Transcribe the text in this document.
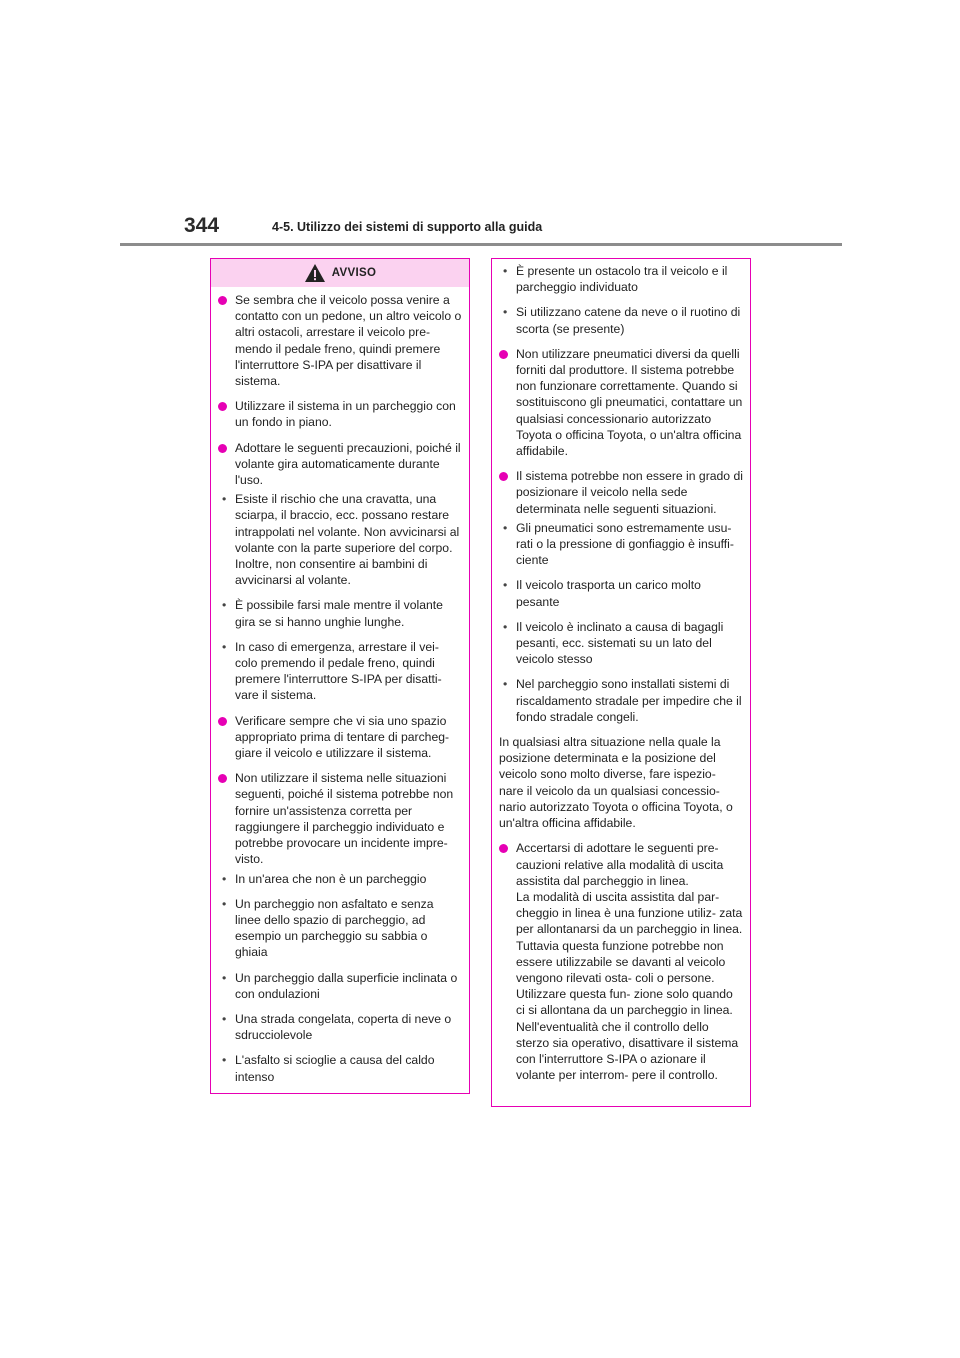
344	4-5. Utilizzo dei sistemi di supporto alla guida
AVVISO
Se sembra che il veicolo possa venire a contatto con un pedone, un altro veicolo o altri ostacoli, arrestare il veicolo pre- mendo il pedale freno, quindi premere l'interruttore S-IPA per disattivare il sistema.
Utilizzare il sistema in un parcheggio con un fondo in piano.
Adottare le seguenti precauzioni, poiché il volante gira automaticamente durante l'uso.
• Esiste il rischio che una cravatta, una sciarpa, il braccio, ecc. possano restare intrappolati nel volante. Non avvicinarsi al volante con la parte superiore del corpo. Inoltre, non consentire ai bambini di avvicinarsi al volante.
• È possibile farsi male mentre il volante gira se si hanno unghie lunghe.
• In caso di emergenza, arrestare il vei- colo premendo il pedale freno, quindi premere l'interruttore S-IPA per disatti- vare il sistema.
Verificare sempre che vi sia uno spazio appropriato prima di tentare di parcheg- giare il veicolo e utilizzare il sistema.
Non utilizzare il sistema nelle situazioni seguenti, poiché il sistema potrebbe non fornire un'assistenza corretta per raggiungere il parcheggio individuato e potrebbe provocare un incidente impre- visto.
• In un'area che non è un parcheggio
• Un parcheggio non asfaltato e senza linee dello spazio di parcheggio, ad esempio un parcheggio su sabbia o ghiaia
• Un parcheggio dalla superficie inclinata o con ondulazioni
• Una strada congelata, coperta di neve o sdrucciolevole
• L'asfalto si scioglie a causa del caldo intenso
• È presente un ostacolo tra il veicolo e il parcheggio individuato
• Si utilizzano catene da neve o il ruotino di scorta (se presente)
Non utilizzare pneumatici diversi da quelli forniti dal produttore. Il sistema potrebbe non funzionare correttamente. Quando si sostituiscono gli pneumatici, contattare un qualsiasi concessionario autorizzato Toyota o officina Toyota, o un'altra officina affidabile.
Il sistema potrebbe non essere in grado di posizionare il veicolo nella sede determinata nelle seguenti situazioni.
• Gli pneumatici sono estremamente usu- rati o la pressione di gonfiaggio è insuffi- ciente
• Il veicolo trasporta un carico molto pesante
• Il veicolo è inclinato a causa di bagagli pesanti, ecc. sistemati su un lato del veicolo stesso
• Nel parcheggio sono installati sistemi di riscaldamento stradale per impedire che il fondo stradale congeli.

In qualsiasi altra situazione nella quale la posizione determinata e la posizione del veicolo sono molto diverse, fare ispezio- nare il veicolo da un qualsiasi concessio- nario autorizzato Toyota o officina Toyota, o un'altra officina affidabile.

Accertarsi di adottare le seguenti pre- cauzioni relative alla modalità di uscita assistita dal parcheggio in linea.
La modalità di uscita assistita dal par- cheggio in linea è una funzione utiliz- zata per allontanarsi da un parcheggio in linea. Tuttavia questa funzione potrebbe non essere utilizzabile se davanti al veicolo vengono rilevati osta- coli o persone. Utilizzare questa fun- zione solo quando ci si allontana da un parcheggio in linea. Nell'eventualità che il controllo dello sterzo sia operativo, disattivare il sistema con l'interruttore S-IPA o azionare il volante per interrom- pere il controllo.
